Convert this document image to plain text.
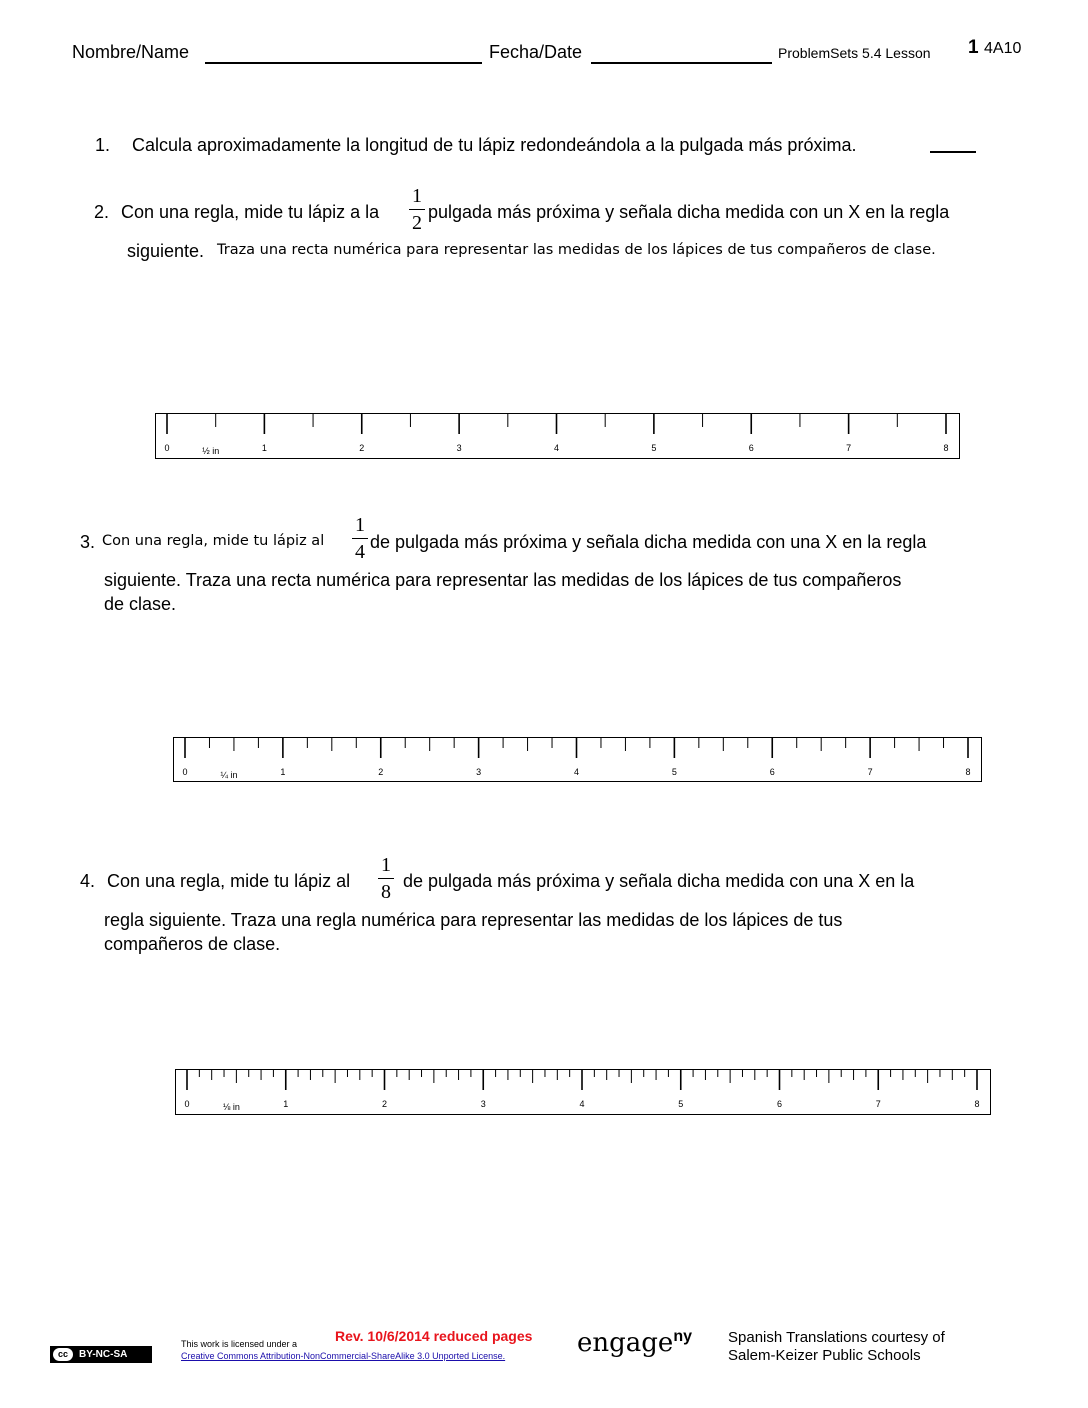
Nombre/Name	Fecha/Date	ProblemSets 5.4 Lesson 1 4A10
1. Calcula aproximadamente la longitud de tu lápiz redondeándola a la pulgada más próxima.
2. Con una regla, mide tu lápiz a la
1
2 pulgada más próxima y señala dicha medida con un X en la regla
siguiente. Traza una recta numérica para representar las medidas de los lápices de tus compañeros de clase.
0	1	2	3	4	5	6	7	8
½ in
3. Con una regla, mide tu lápiz al
1
4 de pulgada más próxima y señala dicha medida con una X en la regla
siguiente. Traza una recta numérica para representar las medidas de los lápices de tus compañeros
de clase.
0	1	2	3	4	5	6	7	8
¼ in
4. Con una regla, mide tu lápiz al
1
8 de pulgada más próxima y señala dicha medida con una X en la
regla siguiente. Traza una regla numérica para representar las medidas de los lápices de tus
compañeros de clase.
0	1	2	3	4	5	6	7	8
⅛ in
cc	BY-NC-SA
This work is licensed under a
Creative Commons Attribution-NonCommercial-ShareAlike 3.0 Unported License.
Rev. 10/6/2014 reduced pages engageny Spanish Translations courtesy of
Salem-Keizer Public Schools
